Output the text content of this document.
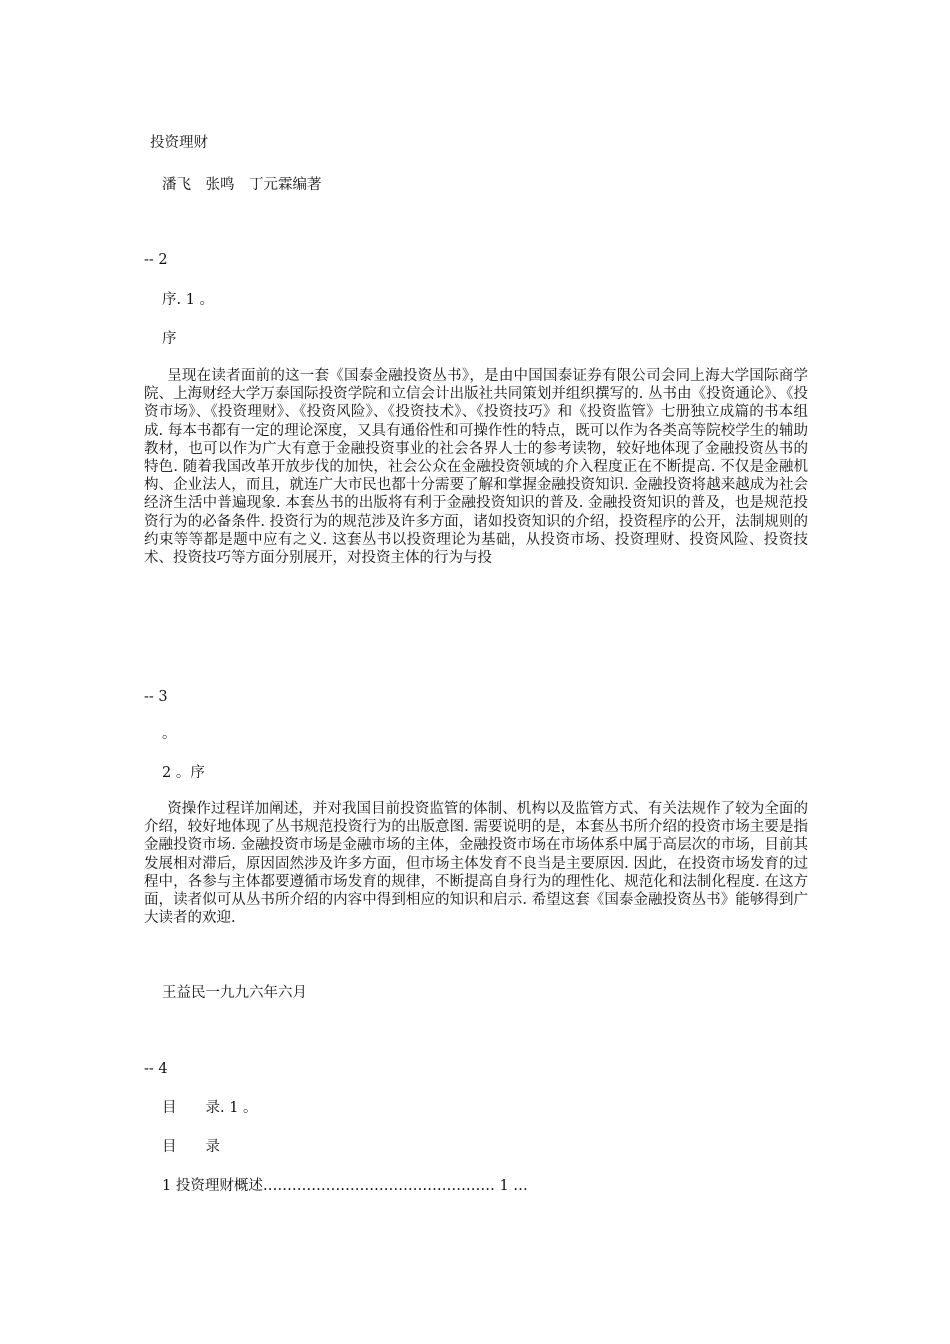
投资理财
潘飞　张鸣　丁元霖编著
-- 2
序. 1 。
序
呈现在读者面前的这一套《国泰金融投资丛书》，是由中国国泰证券有限公司会同上海大学国际商学院、上海财经大学万泰国际投资学院和立信会计出版社共同策划并组织撰写的. 丛书由《投资通论》、《投资市场》、《投资理财》、《投资风险》、《投资技术》、《投资技巧》和《投资监管》七册独立成篇的书本组成. 每本书都有一定的理论深度，又具有通俗性和可操作性的特点，既可以作为各类高等院校学生的辅助教材，也可以作为广大有意于金融投资事业的社会各界人士的参考读物，较好地体现了金融投资丛书的特色. 随着我国改革开放步伐的加快，社会公众在金融投资领域的介入程度正在不断提高. 不仅是金融机构、企业法人，而且，就连广大市民也都十分需要了解和掌握金融投资知识. 金融投资将越来越成为社会经济生活中普遍现象. 本套丛书的出版将有利于金融投资知识的普及. 金融投资知识的普及，也是规范投资行为的必备条件. 投资行为的规范涉及许多方面，诸如投资知识的介绍，投资程序的公开，法制规则的约束等等都是题中应有之义. 这套丛书以投资理论为基础，从投资市场、投资理财、投资风险、投资技术、投资技巧等方面分别展开，对投资主体的行为与投
-- 3
。
2 。序
资操作过程详加阐述，并对我国目前投资监管的体制、机构以及监管方式、有关法规作了较为全面的介绍，较好地体现了丛书规范投资行为的出版意图. 需要说明的是，本套丛书所介绍的投资市场主要是指金融投资市场. 金融投资市场是金融市场的主体，金融投资市场在市场体系中属于高层次的市场，目前其发展相对滞后，原因固然涉及许多方面，但市场主体发育不良当是主要原因. 因此，在投资市场发育的过程中，各参与主体都要遵循市场发育的规律，不断提高自身行为的理性化、规范化和法制化程度. 在这方面，读者似可从丛书所介绍的内容中得到相应的知识和启示. 希望这套《国泰金融投资丛书》能够得到广大读者的欢迎.
王益民一九九六年六月
-- 4
目　　录. 1 。
目　　录
1 投资理财概述………………………………………… 1 …
